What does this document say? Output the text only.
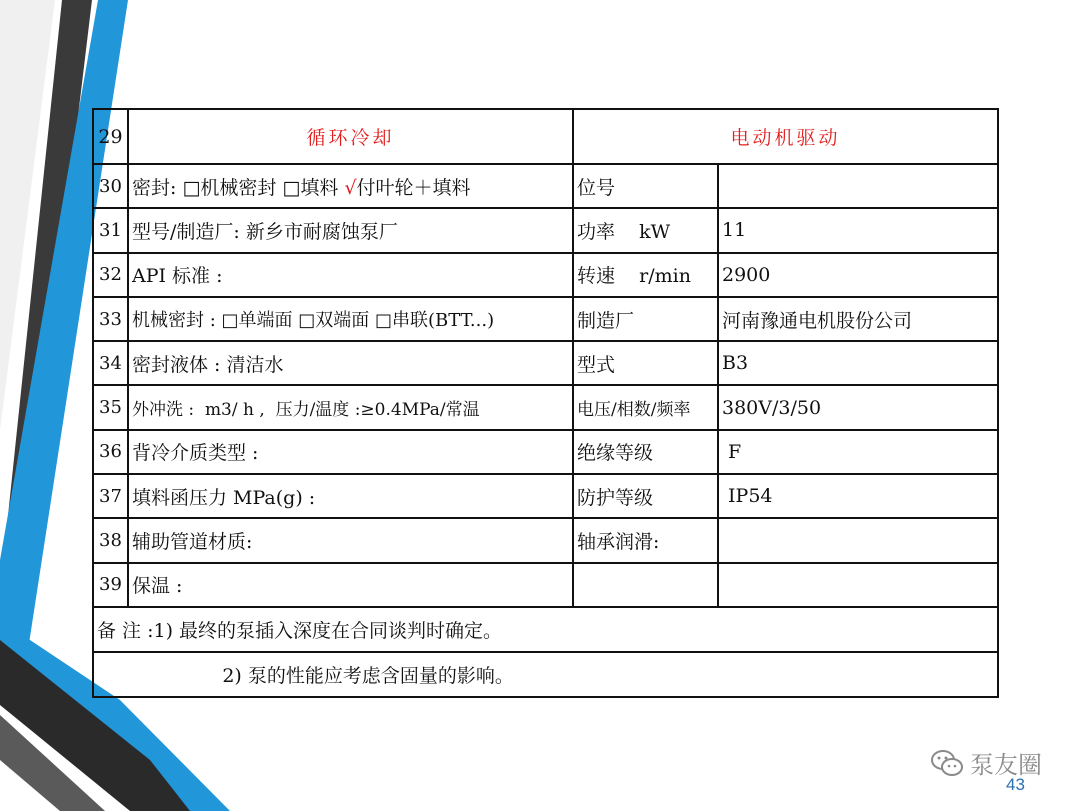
29	循环冷却	电动机驱动	
30	密封: □机械密封 □填料 √付叶轮＋填料	位号	
31	型号/制造厂: 新乡市耐腐蚀泵厂	功率    kW	11
32	API 标准 :	转速    r/min	2900
33	机械密封 : □单端面 □双端面 □串联(BTT...)	制造厂	河南豫通电机股份公司
34	密封液体 : 清洁水	型式	B3
35	外冲洗 :  m3/ h ,  压力/温度 :≥0.4MPa/常温	电压/相数/频率	380V/3/50
36	背冷介质类型 :	绝缘等级	F
37	填料函压力 MPa(g) :	防护等级	IP54
38	辅助管道材质:	轴承润滑:	
39	保温 :		
备 注 :1) 最终的泵插入深度在合同谈判时确定。			
2) 泵的性能应考虑含固量的影响。			
泵友圈
43
